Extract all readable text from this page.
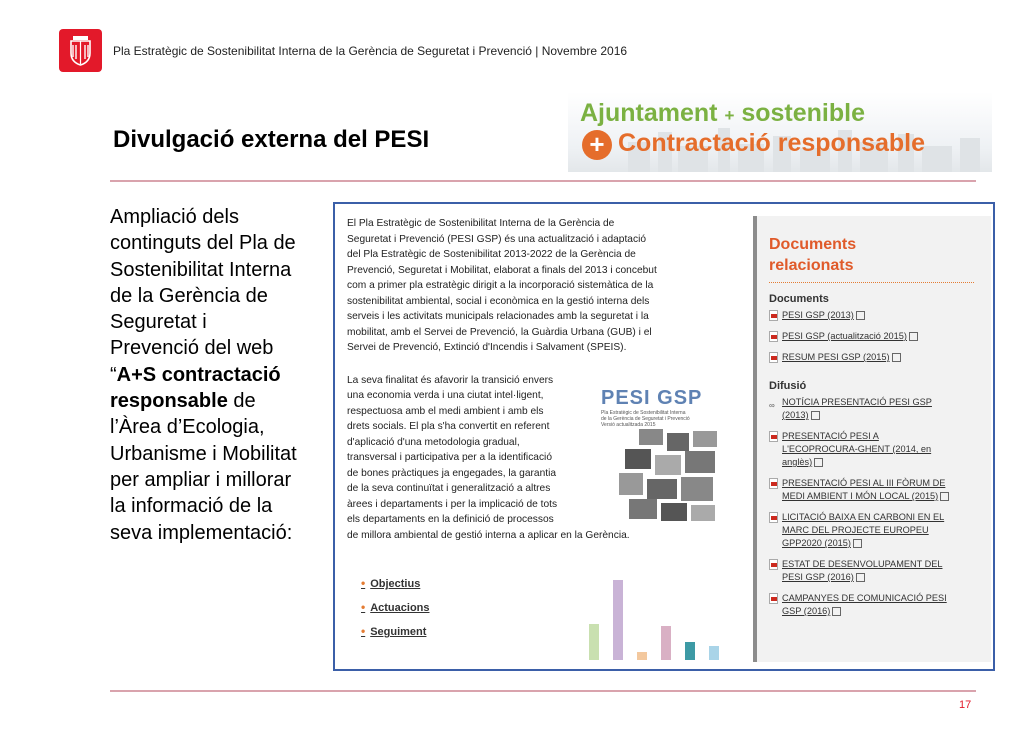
Pla Estratègic de Sostenibilitat Interna de la Gerència de Seguretat i Prevenció | Novembre 2016
Ajuntament + sostenible
+ Contractació responsable
Divulgació externa del PESI
Ampliació dels
continguts del Pla de
Sostenibilitat Interna
de la Gerència de
Seguretat i
Prevenció del web
“A+S contractació
responsable de
l’Àrea d’Ecologia,
Urbanisme i Mobilitat
per ampliar i millorar
la informació de la
seva implementació:
El Pla Estratègic de Sostenibilitat Interna de la Gerència de
Seguretat i Prevenció (PESI GSP) és una actualització i adaptació
del Pla Estratègic de Sostenibilitat 2013-2022 de la Gerència de
Prevenció, Seguretat i Mobilitat, elaborat a finals del 2013 i concebut
com a primer pla estratègic dirigit a la incorporació sistemàtica de la
sostenibilitat ambiental, social i econòmica en la gestió interna dels
serveis i les activitats municipals relacionades amb la seguretat i la
mobilitat, amb el Servei de Prevenció, la Guàrdia Urbana (GUB) i el
Servei de Prevenció, Extinció d'Incendis i Salvament (SPEIS).
La seva finalitat és afavorir la transició envers
una economia verda i una ciutat intel·ligent,
respectuosa amb el medi ambient i amb els
drets socials. El pla s'ha convertit en referent
d'aplicació d'una metodologia gradual,
transversal i participativa per a la identificació
de bones pràctiques ja engegades, la garantia
de la seva continuïtat i generalització a altres
àrees i departaments i per la implicació de tots
els departaments en la definició de processos
de millora ambiental de gestió interna a aplicar en la Gerència.
PESI GSP
Pla Estratègic de Sostenibilitat Interna
de la Gerència de Seguretat i Prevenció
Versió actualitzada 2015
• Objectius
• Actuacions
• Seguiment
Documents
relacionats
Documents
PESI GSP (2013)
PESI GSP (actualització 2015)
RESUM PESI GSP (2015)
Difusió
∞ NOTÍCIA PRESENTACIÓ PESI GSP
(2013)
PRESENTACIÓ PESI A
L'ECOPROCURA-GHENT (2014, en
anglès)
PRESENTACIÓ PESI AL III FÒRUM DE
MEDI AMBIENT I MÓN LOCAL (2015)
LICITACIÓ BAIXA EN CARBONI EN EL
MARC DEL PROJECTE EUROPEU
GPP2020 (2015)
ESTAT DE DESENVOLUPAMENT DEL
PESI GSP (2016)
CAMPANYES DE COMUNICACIÓ PESI
GSP (2016)
17
